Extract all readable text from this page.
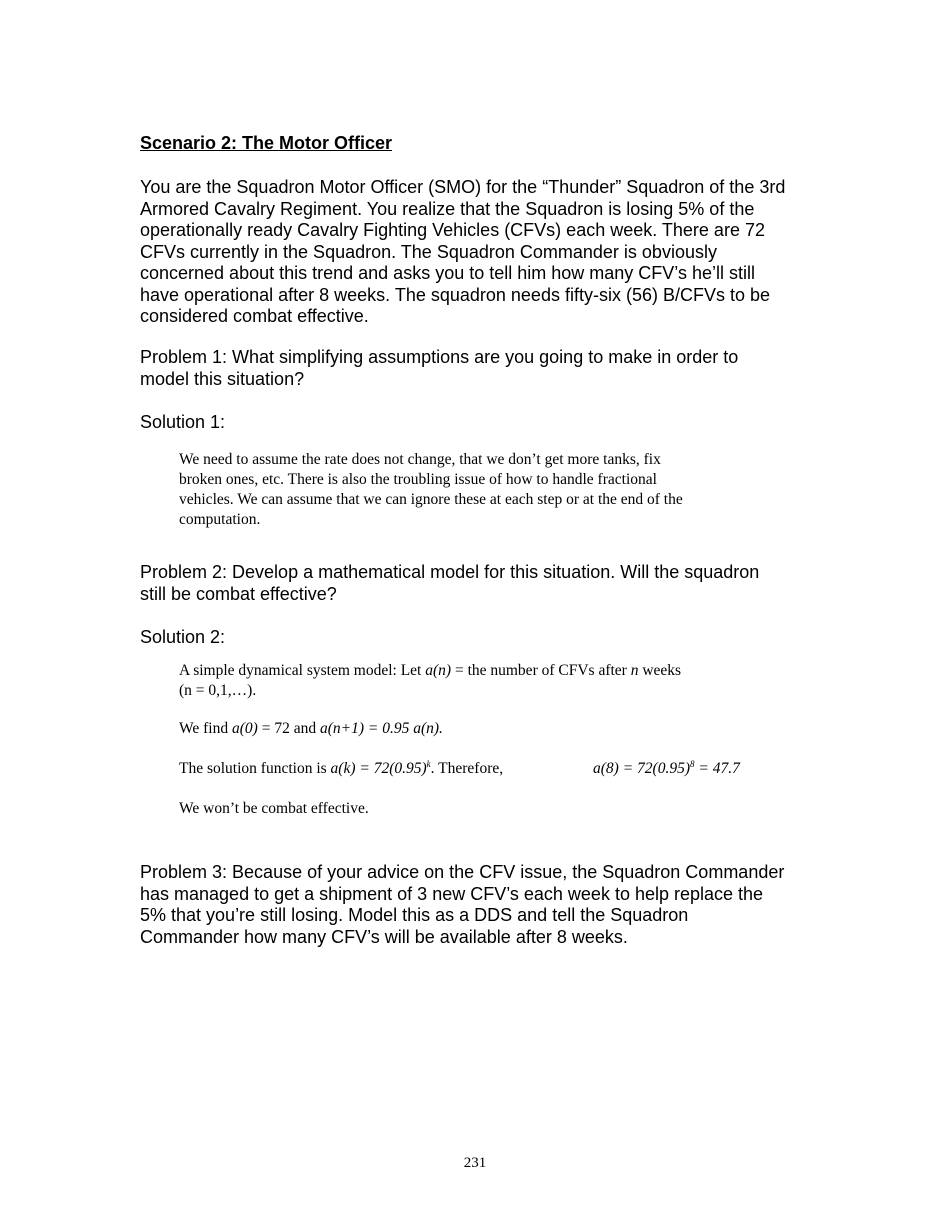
Scenario 2: The Motor Officer
You are the Squadron Motor Officer (SMO) for the “Thunder” Squadron of the 3rd
Armored Cavalry Regiment. You realize that the Squadron is losing 5% of the
operationally ready Cavalry Fighting Vehicles (CFVs) each week. There are 72
CFVs currently in the Squadron. The Squadron Commander is obviously
concerned about this trend and asks you to tell him how many CFV’s he’ll still
have operational after 8 weeks. The squadron needs fifty-six (56) B/CFVs to be
considered combat effective.
Problem 1: What simplifying assumptions are you going to make in order to
model this situation?
Solution 1:
We need to assume the rate does not change, that we don’t get more tanks, fix
broken ones, etc. There is also the troubling issue of how to handle fractional
vehicles. We can assume that we can ignore these at each step or at the end of the
computation.
Problem 2: Develop a mathematical model for this situation. Will the squadron
still be combat effective?
Solution 2:
A simple dynamical system model: Let a(n) = the number of CFVs after n weeks
(n = 0,1,…).
We find a(0) = 72 and a(n+1) = 0.95 a(n).
The solution function is $a(k) = 72(0.95)^k$. Therefore,	$a(8) = 72(0.95)^8 = 47.7$
We won’t be combat effective.
Problem 3: Because of your advice on the CFV issue, the Squadron Commander
has managed to get a shipment of 3 new CFV’s each week to help replace the
5% that you’re still losing. Model this as a DDS and tell the Squadron
Commander how many CFV’s will be available after 8 weeks.
231
